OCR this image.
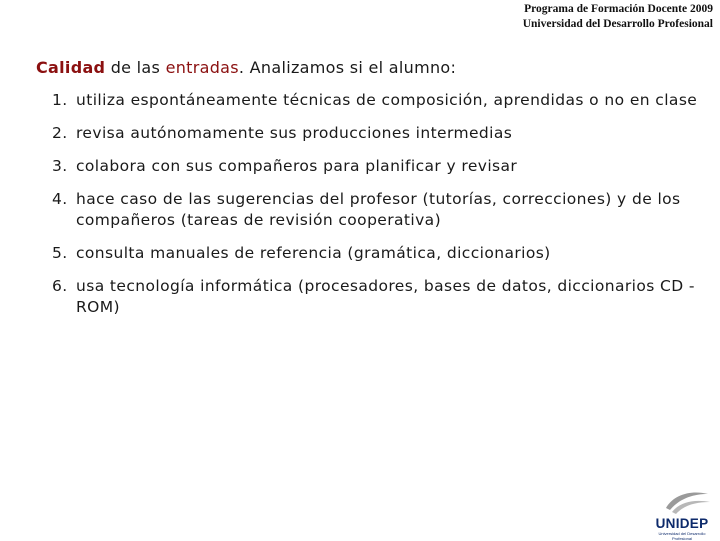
Programa de Formación Docente 2009
Universidad del Desarrollo Profesional
Calidad de las entradas. Analizamos si el alumno:
1. utiliza espontáneamente técnicas de composición, aprendidas o no en clase
2. revisa autónomamente sus producciones intermedias
3. colabora con sus compañeros para planificar y revisar
4. hace caso de las sugerencias del profesor (tutorías, correcciones) y de los compañeros (tareas de revisión cooperativa)
5. consulta manuales de referencia (gramática, diccionarios)
6. usa tecnología informática (procesadores, bases de datos, diccionarios CD -ROM)
UNIDEP
Universidad del Desarrollo Profesional
